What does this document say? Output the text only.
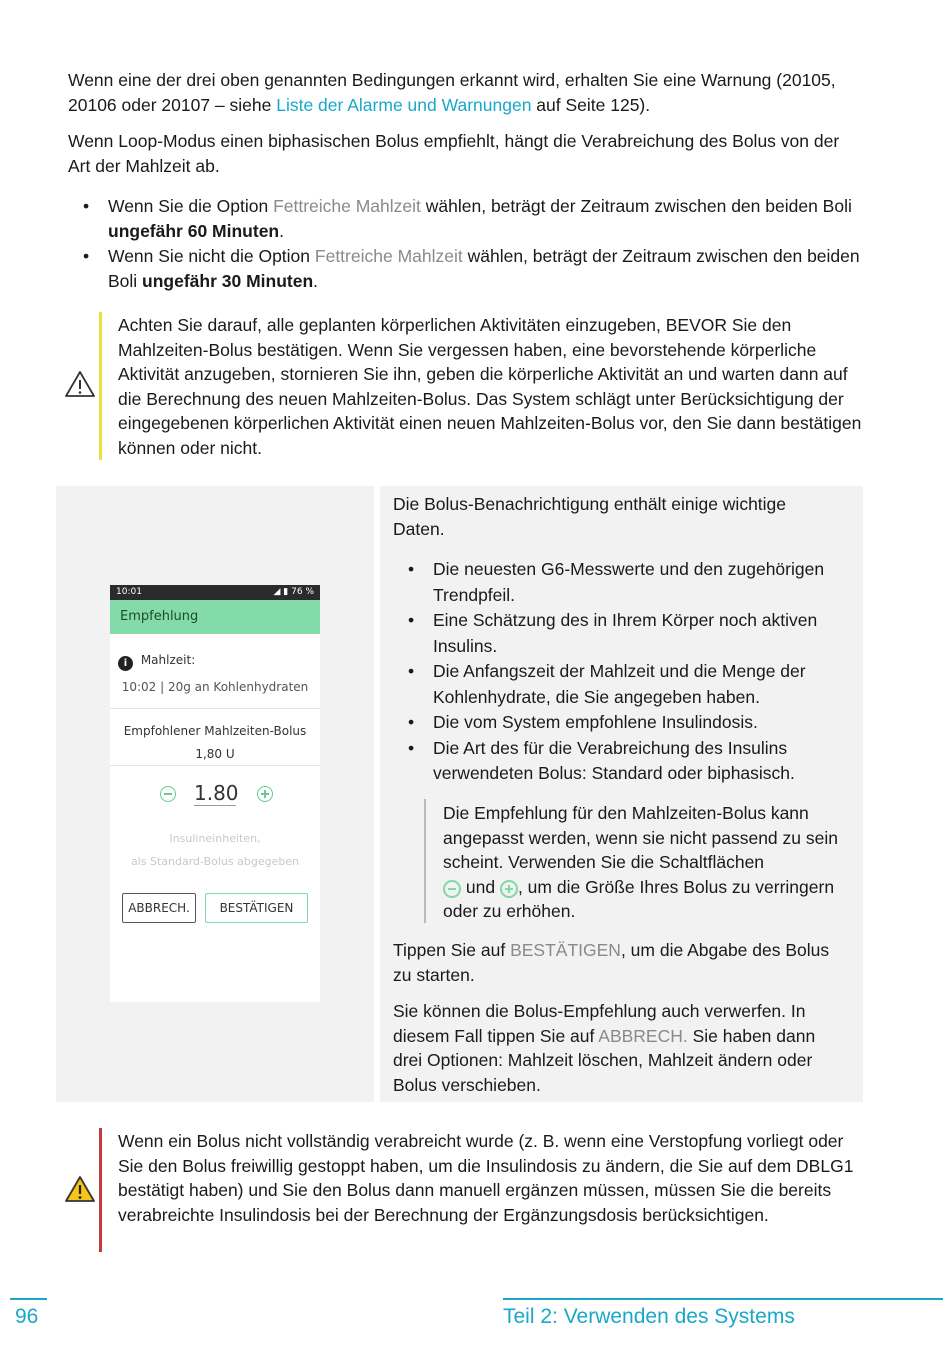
Wenn eine der drei oben genannten Bedingungen erkannt wird, erhalten Sie eine Warnung (20105, 20106 oder 20107 – siehe Liste der Alarme und Warnungen auf Seite 125).

Wenn Loop-Modus einen biphasischen Bolus empfiehlt, hängt die Verabreichung des Bolus von der Art der Mahlzeit ab.

• Wenn Sie die Option Fettreiche Mahlzeit wählen, beträgt der Zeitraum zwischen den beiden Boli ungefähr 60 Minuten.
• Wenn Sie nicht die Option Fettreiche Mahlzeit wählen, beträgt der Zeitraum zwischen den beiden Boli ungefähr 30 Minuten.

Achten Sie darauf, alle geplanten körperlichen Aktivitäten einzugeben, BEVOR Sie den Mahlzeiten-Bolus bestätigen. Wenn Sie vergessen haben, eine bevorstehende körperliche Aktivität anzugeben, stornieren Sie ihn, geben die körperliche Aktivität an und warten dann auf die Berechnung des neuen Mahlzeiten-Bolus. Das System schlägt unter Berücksichtigung der eingegebenen körperlichen Aktivität einen neuen Mahlzeiten-Bolus vor, den Sie dann bestätigen können oder nicht.

10:01	◢ ▮ 76 %
Empfehlung
i Mahlzeit:
10:02 | 20g an Kohlenhydraten
Empfohlener Mahlzeiten-Bolus
1,80 U
1.80
Insulineinheiten,
als Standard-Bolus abgegeben
ABBRECH.	BESTÄTIGEN

Die Bolus-Benachrichtigung enthält einige wichtige Daten.

• Die neuesten G6-Messwerte und den zugehörigen Trendpfeil.
• Eine Schätzung des in Ihrem Körper noch aktiven Insulins.
• Die Anfangszeit der Mahlzeit und die Menge der Kohlenhydrate, die Sie angegeben haben.
• Die vom System empfohlene Insulindosis.
• Die Art des für die Verabreichung des Insulins verwendeten Bolus: Standard oder biphasisch.

Die Empfehlung für den Mahlzeiten-Bolus kann angepasst werden, wenn sie nicht passend zu sein scheint. Verwenden Sie die Schaltflächen
und , um die Größe Ihres Bolus zu verringern oder zu erhöhen.

Tippen Sie auf BESTÄTIGEN, um die Abgabe des Bolus zu starten.

Sie können die Bolus-Empfehlung auch verwerfen. In diesem Fall tippen Sie auf ABBRECH. Sie haben dann drei Optionen: Mahlzeit löschen, Mahlzeit ändern oder Bolus verschieben.

Wenn ein Bolus nicht vollständig verabreicht wurde (z. B. wenn eine Verstopfung vorliegt oder Sie den Bolus freiwillig gestoppt haben, um die Insulindosis zu ändern, die Sie auf dem DBLG1 bestätigt haben) und Sie den Bolus dann manuell ergänzen müssen, müssen Sie die bereits verabreichte Insulindosis bei der Berechnung der Ergänzungsdosis berücksichtigen.

96	Teil 2: Verwenden des Systems
